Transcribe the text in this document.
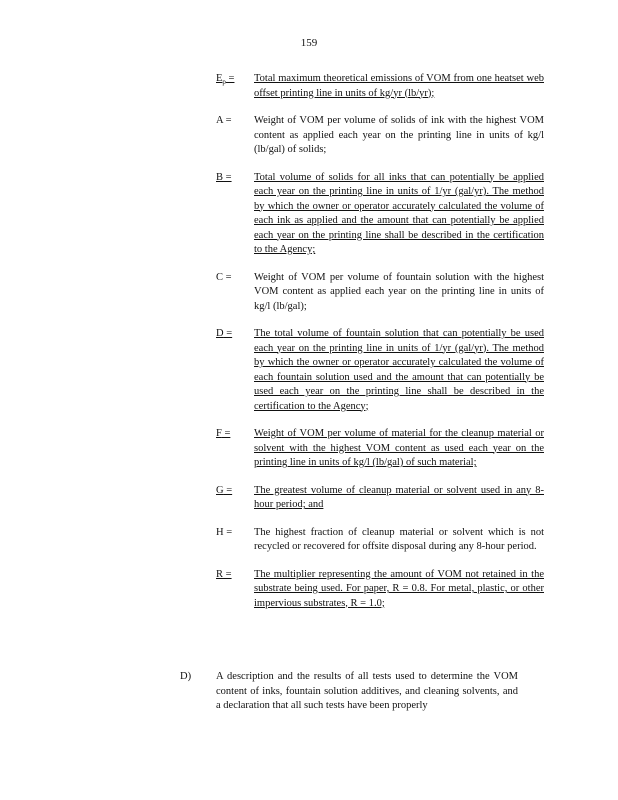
159
$E_p$ =	Total maximum theoretical emissions of VOM from one heatset web offset printing line in units of kg/yr (lb/yr);
A =	Weight of VOM per volume of solids of ink with the highest VOM content as applied each year on the printing line in units of kg/l (lb/gal) of solids;
B =	Total volume of solids for all inks that can potentially be applied each year on the printing line in units of 1/yr (gal/yr). The method by which the owner or operator accurately calculated the volume of each ink as applied and the amount that can potentially be applied each year on the printing line shall be described in the certification to the Agency;
C =	Weight of VOM per volume of fountain solution with the highest VOM content as applied each year on the printing line in units of kg/l (lb/gal);
D =	The total volume of fountain solution that can potentially be used each year on the printing line in units of 1/yr (gal/yr). The method by which the owner or operator accurately calculated the volume of each fountain solution used and the amount that can potentially be used each year on the printing line shall be described in the certification to the Agency;
F =	Weight of VOM per volume of material for the cleanup material or solvent with the highest VOM content as used each year on the printing line in units of kg/l (lb/gal) of such material;
G =	The greatest volume of cleanup material or solvent used in any 8-hour period; and
H =	The highest fraction of cleanup material or solvent which is not recycled or recovered for offsite disposal during any 8-hour period.
R =	The multiplier representing the amount of VOM not retained in the substrate being used. For paper, R = 0.8. For metal, plastic, or other impervious substrates, R = 1.0;
D)	A description and the results of all tests used to determine the VOM content of inks, fountain solution additives, and cleaning solvents, and a declaration that all such tests have been properly
